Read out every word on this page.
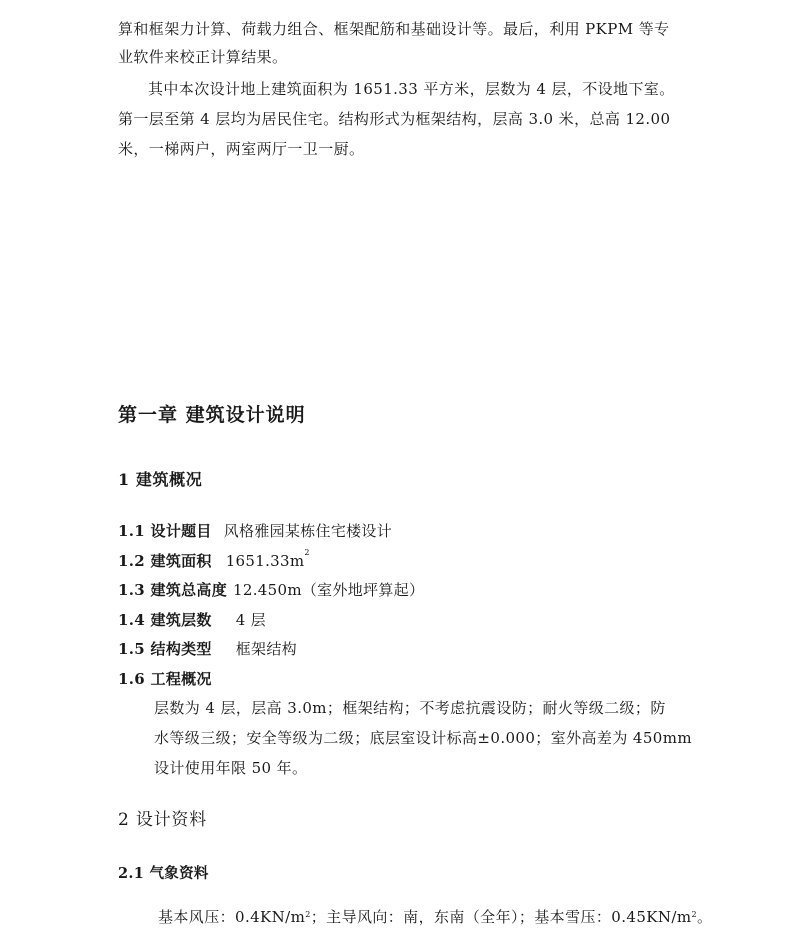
算和框架力计算、荷载力组合、框架配筋和基础设计等。最后，利用 PKPM 等专
业软件来校正计算结果。
其中本次设计地上建筑面积为 1651.33 平方米，层数为 4 层，不设地下室。
第一层至第 4 层均为居民住宅。结构形式为框架结构，层高 3.0 米，总高 12.00
米，一梯两户，两室两厅一卫一厨。
第一章 建筑设计说明
1 建筑概况
1.1 设计题目 风格雅园某栋住宅楼设计
1.2 建筑面积 $1651.33m^2$
1.3 建筑总高度 12.450m（室外地坪算起）
1.4 建筑层数 4 层
1.5 结构类型 框架结构
1.6 工程概况
层数为 4 层，层高 3.0m；框架结构；不考虑抗震设防；耐火等级二级；防
水等级三级；安全等级为二级；底层室设计标高±0.000；室外高差为 450mm
设计使用年限 50 年。
2 设计资料
2.1 气象资料
基本风压：$0.4KN/m^2$；主导风向：南，东南（全年）；基本雪压：$0.45KN/m^2$。
